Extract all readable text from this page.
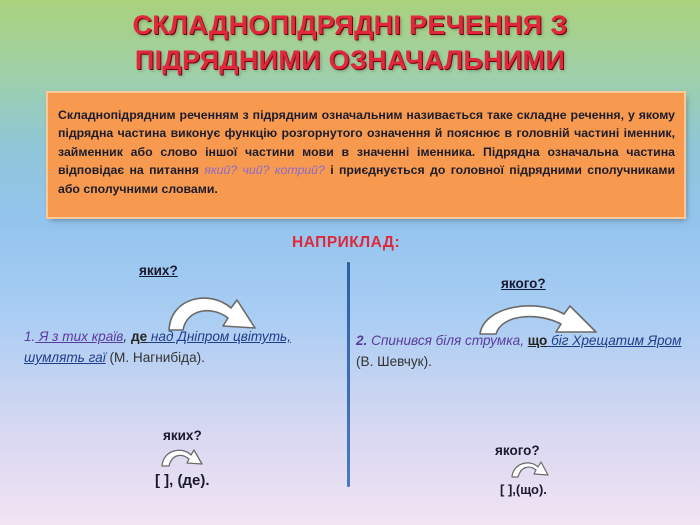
СКЛАДНОПІДРЯДНІ РЕЧЕННЯ З
ПІДРЯДНИМИ ОЗНАЧАЛЬНИМИ
Складнопідрядним реченням з підрядним означальним називається таке складне речення, у якому підрядна частина виконує функцію розгорнутого означення й пояснює в головній частині іменник, займенник або слово іншої частини мови в значенні іменника. Підрядна означальна частина відповідає на питання який? чий? котрий? і приєднується до головної підрядними сполучниками або сполучними словами.
НАПРИКЛАД:
яких?
1. Я з тих країв, де над Дніпром цвітуть, шумлять гаї (М. Нагнибіда).
яких?
[ ], (де).
якого?
2. Спинився біля струмка, що біг Хрещатим Яром (В. Шевчук).
якого?
[ ],(що).
